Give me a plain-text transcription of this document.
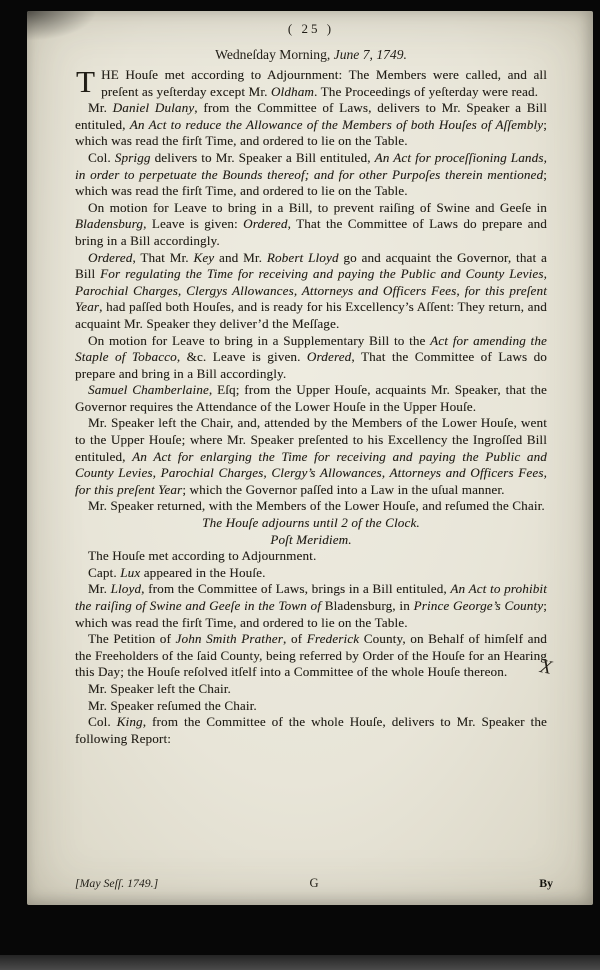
( 25 )
Wedneſday Morning, June 7, 1749.

THE Houſe met according to Adjournment: The Members were called, and all preſent as yeſterday except Mr. Oldham. The Proceedings of yeſterday were read.

Mr. Daniel Dulany, from the Committee of Laws, delivers to Mr. Speaker a Bill entituled, An Act to reduce the Allowance of the Members of both Houſes of Aſſembly; which was read the firſt Time, and ordered to lie on the Table.

Col. Sprigg delivers to Mr. Speaker a Bill entituled, An Act for proceſſioning Lands, in order to perpetuate the Bounds thereof; and for other Purpoſes therein mentioned; which was read the firſt Time, and ordered to lie on the Table.

On motion for Leave to bring in a Bill, to prevent raiſing of Swine and Geeſe in Bladensburg, Leave is given: Ordered, That the Committee of Laws do prepare and bring in a Bill accordingly.

Ordered, That Mr. Key and Mr. Robert Lloyd go and acquaint the Governor, that a Bill For regulating the Time for receiving and paying the Public and County Levies, Parochial Charges, Clergys Allowances, Attorneys and Officers Fees, for this preſent Year, had paſſed both Houſes, and is ready for his Excellency’s Aſſent: They return, and acquaint Mr. Speaker they deliver’d the Meſſage.

On motion for Leave to bring in a Supplementary Bill to the Act for amending the Staple of Tobacco, &c. Leave is given. Ordered, That the Committee of Laws do prepare and bring in a Bill accordingly.

Samuel Chamberlaine, Eſq; from the Upper Houſe, acquaints Mr. Speaker, that the Governor requires the Attendance of the Lower Houſe in the Upper Houſe.

Mr. Speaker left the Chair, and, attended by the Members of the Lower Houſe, went to the Upper Houſe; where Mr. Speaker preſented to his Excellency the Ingroſſed Bill entituled, An Act for enlarging the Time for receiving and paying the Public and County Levies, Parochial Charges, Clergy’s Allowances, Attorneys and Officers Fees, for this preſent Year; which the Governor paſſed into a Law in the uſual manner.

Mr. Speaker returned, with the Members of the Lower Houſe, and reſumed the Chair.

The Houſe adjourns until 2 of the Clock.

Poſt Meridiem.

The Houſe met according to Adjournment.

Capt. Lux appeared in the Houſe.

Mr. Lloyd, from the Committee of Laws, brings in a Bill entituled, An Act to prohibit the raiſing of Swine and Geeſe in the Town of Bladensburg, in Prince George’s County; which was read the firſt Time, and ordered to lie on the Table.

The Petition of John Smith Prather, of Frederick County, on Behalf of himſelf and the Freeholders of the ſaid County, being referred by Order of the Houſe for an Hearing this Day; the Houſe reſolved itſelf into a Committee of the whole Houſe thereon.

Mr. Speaker left the Chair.

Mr. Speaker reſumed the Chair.

Col. King, from the Committee of the whole Houſe, delivers to Mr. Speaker the following Report:

[May Seſſ. 1749.]	G	By
X
